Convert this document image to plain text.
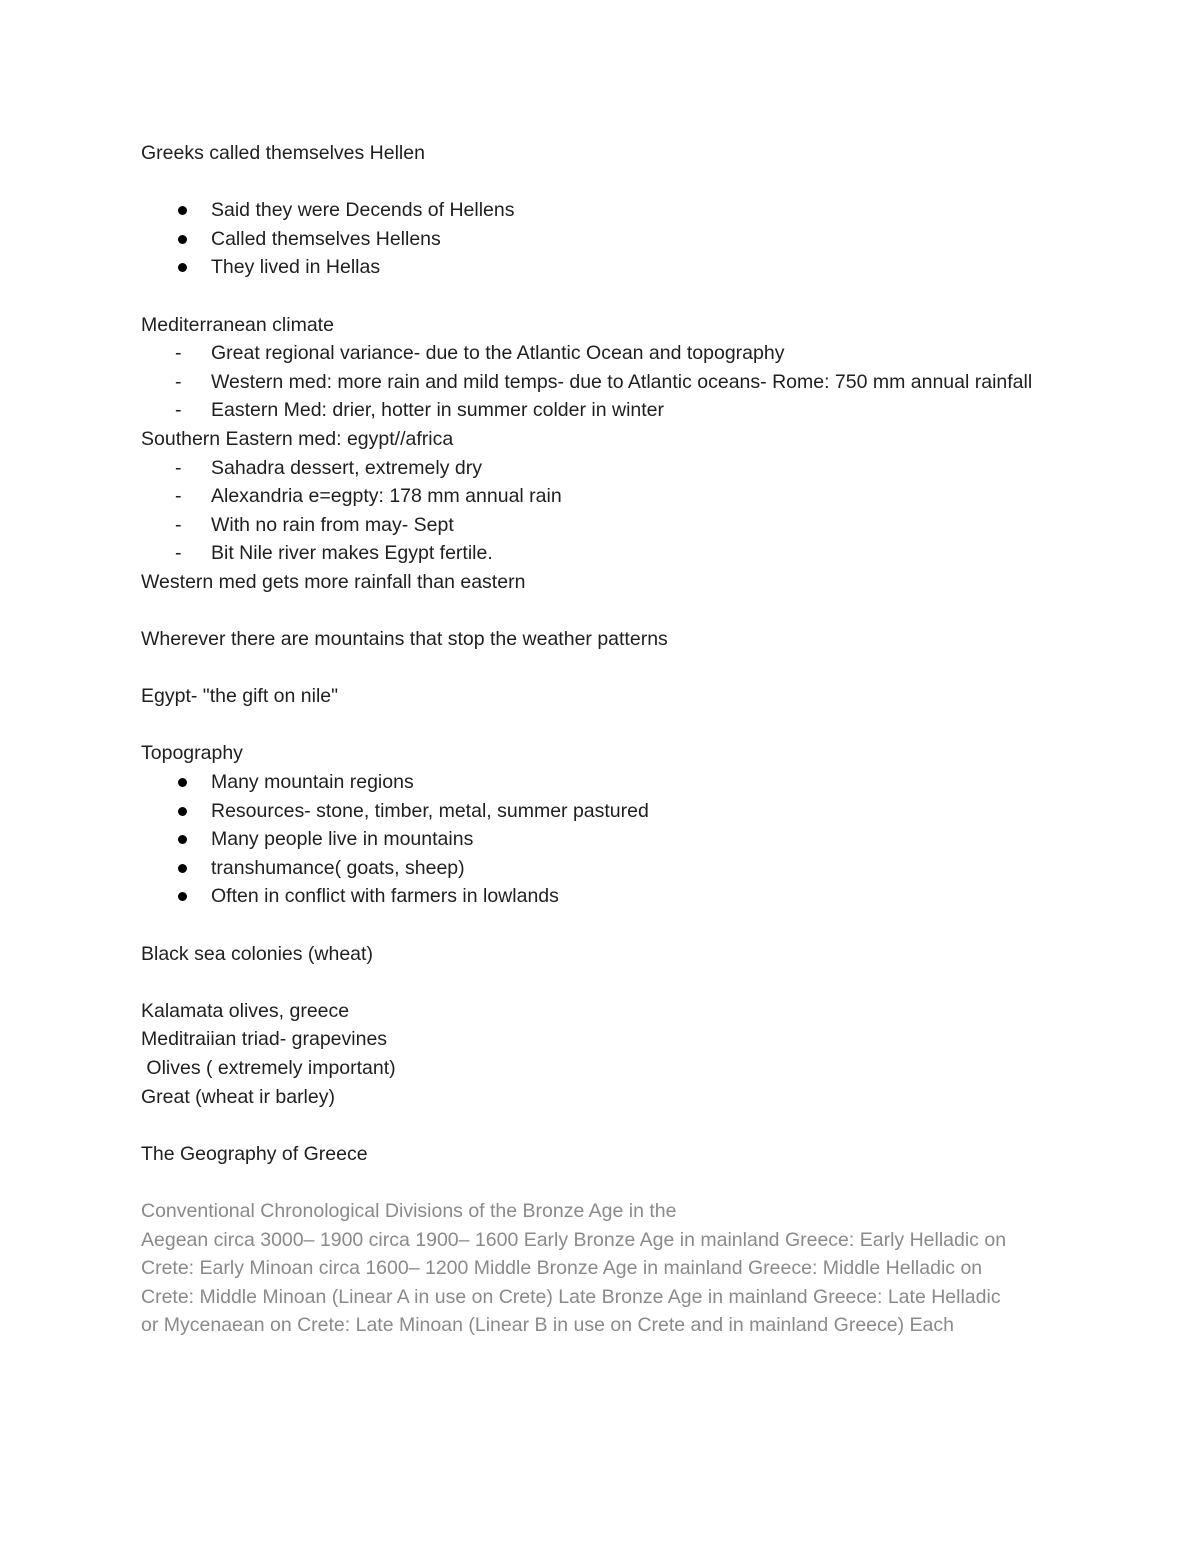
Greeks called themselves Hellen

Said they were Decends of Hellens
Called themselves Hellens
They lived in Hellas

Mediterranean climate

-	Great regional variance- due to the Atlantic Ocean and topography
-	Western med: more rain and mild temps- due to Atlantic oceans- Rome: 750 mm annual rainfall
-	Eastern Med: drier, hotter in summer colder in winter

Southern Eastern med: egypt//africa

-	Sahadra dessert, extremely dry
-	Alexandria e=egpty: 178 mm annual rain
-	With no rain from may- Sept
-	Bit Nile river makes Egypt fertile.

Western med gets more rainfall than eastern

Wherever there are mountains that stop the weather patterns

Egypt- "the gift on nile"

Topography

Many mountain regions
Resources- stone, timber, metal, summer pastured
Many people live in mountains
transhumance( goats, sheep)
Often in conflict with farmers in lowlands

Black sea colonies (wheat)

Kalamata olives, greece

Meditraiian triad- grapevines

Olives ( extremely important)

Great (wheat ir barley)

The Geography of Greece

Conventional Chronological Divisions of the Bronze Age in the

Aegean circa 3000– 1900 circa 1900– 1600 Early Bronze Age in mainland Greece: Early Helladic on

Crete: Early Minoan circa 1600– 1200 Middle Bronze Age in mainland Greece: Middle Helladic on

Crete: Middle Minoan (Linear A in use on Crete) Late Bronze Age in mainland Greece: Late Helladic

or Mycenaean on Crete: Late Minoan (Linear B in use on Crete and in mainland Greece) Each
